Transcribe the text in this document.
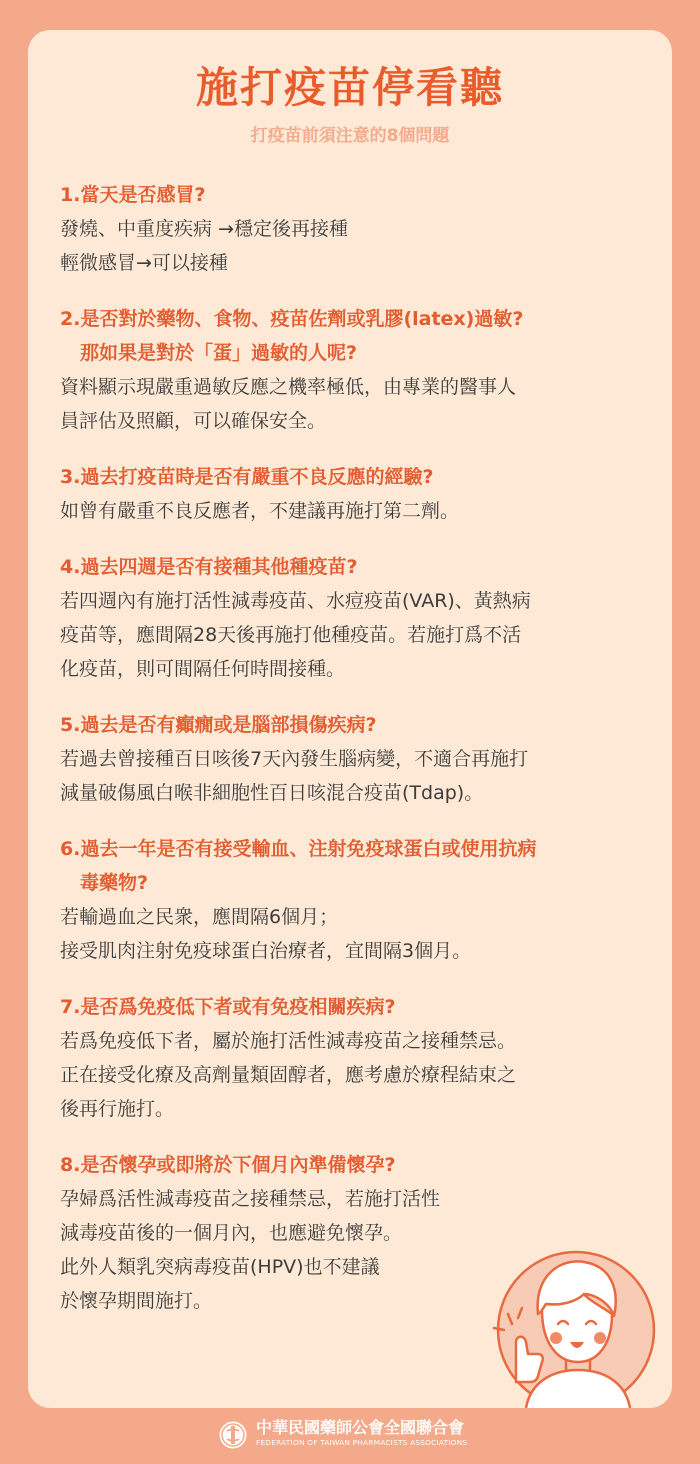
施打疫苗停看聽
打疫苗前須注意的8個問題

1.當天是否感冒?

發燒、中重度疾病 →穩定後再接種

輕微感冒→可以接種

2.是否對於藥物、食物、疫苗佐劑或乳膠(latex)過敏?

那如果是對於「蛋」過敏的人呢?

資料顯示現嚴重過敏反應之機率極低，由專業的醫事人

員評估及照顧，可以確保安全。

3.過去打疫苗時是否有嚴重不良反應的經驗?

如曾有嚴重不良反應者，不建議再施打第二劑。

4.過去四週是否有接種其他種疫苗?

若四週內有施打活性減毒疫苗、水痘疫苗(VAR)、黃熱病

疫苗等，應間隔28天後再施打他種疫苗。若施打爲不活

化疫苗，則可間隔任何時間接種。

5.過去是否有癲癇或是腦部損傷疾病?

若過去曾接種百日咳後7天內發生腦病變，不適合再施打

減量破傷風白喉非細胞性百日咳混合疫苗(Tdap)。

6.過去一年是否有接受輸血、注射免疫球蛋白或使用抗病

毒藥物?

若輸過血之民衆，應間隔6個月；

接受肌肉注射免疫球蛋白治療者，宜間隔3個月。

7.是否爲免疫低下者或有免疫相關疾病?

若爲免疫低下者，屬於施打活性減毒疫苗之接種禁忌。

正在接受化療及高劑量類固醇者，應考慮於療程結束之

後再行施打。

8.是否懷孕或即將於下個月內準備懷孕?

孕婦爲活性減毒疫苗之接種禁忌，若施打活性

減毒疫苗後的一個月內，也應避免懷孕。

此外人類乳突病毒疫苗(HPV)也不建議

於懷孕期間施打。

中華民國藥師公會全國聯合會
FEDERATION OF TAIWAN PHARMACISTS ASSOCIATIONS
